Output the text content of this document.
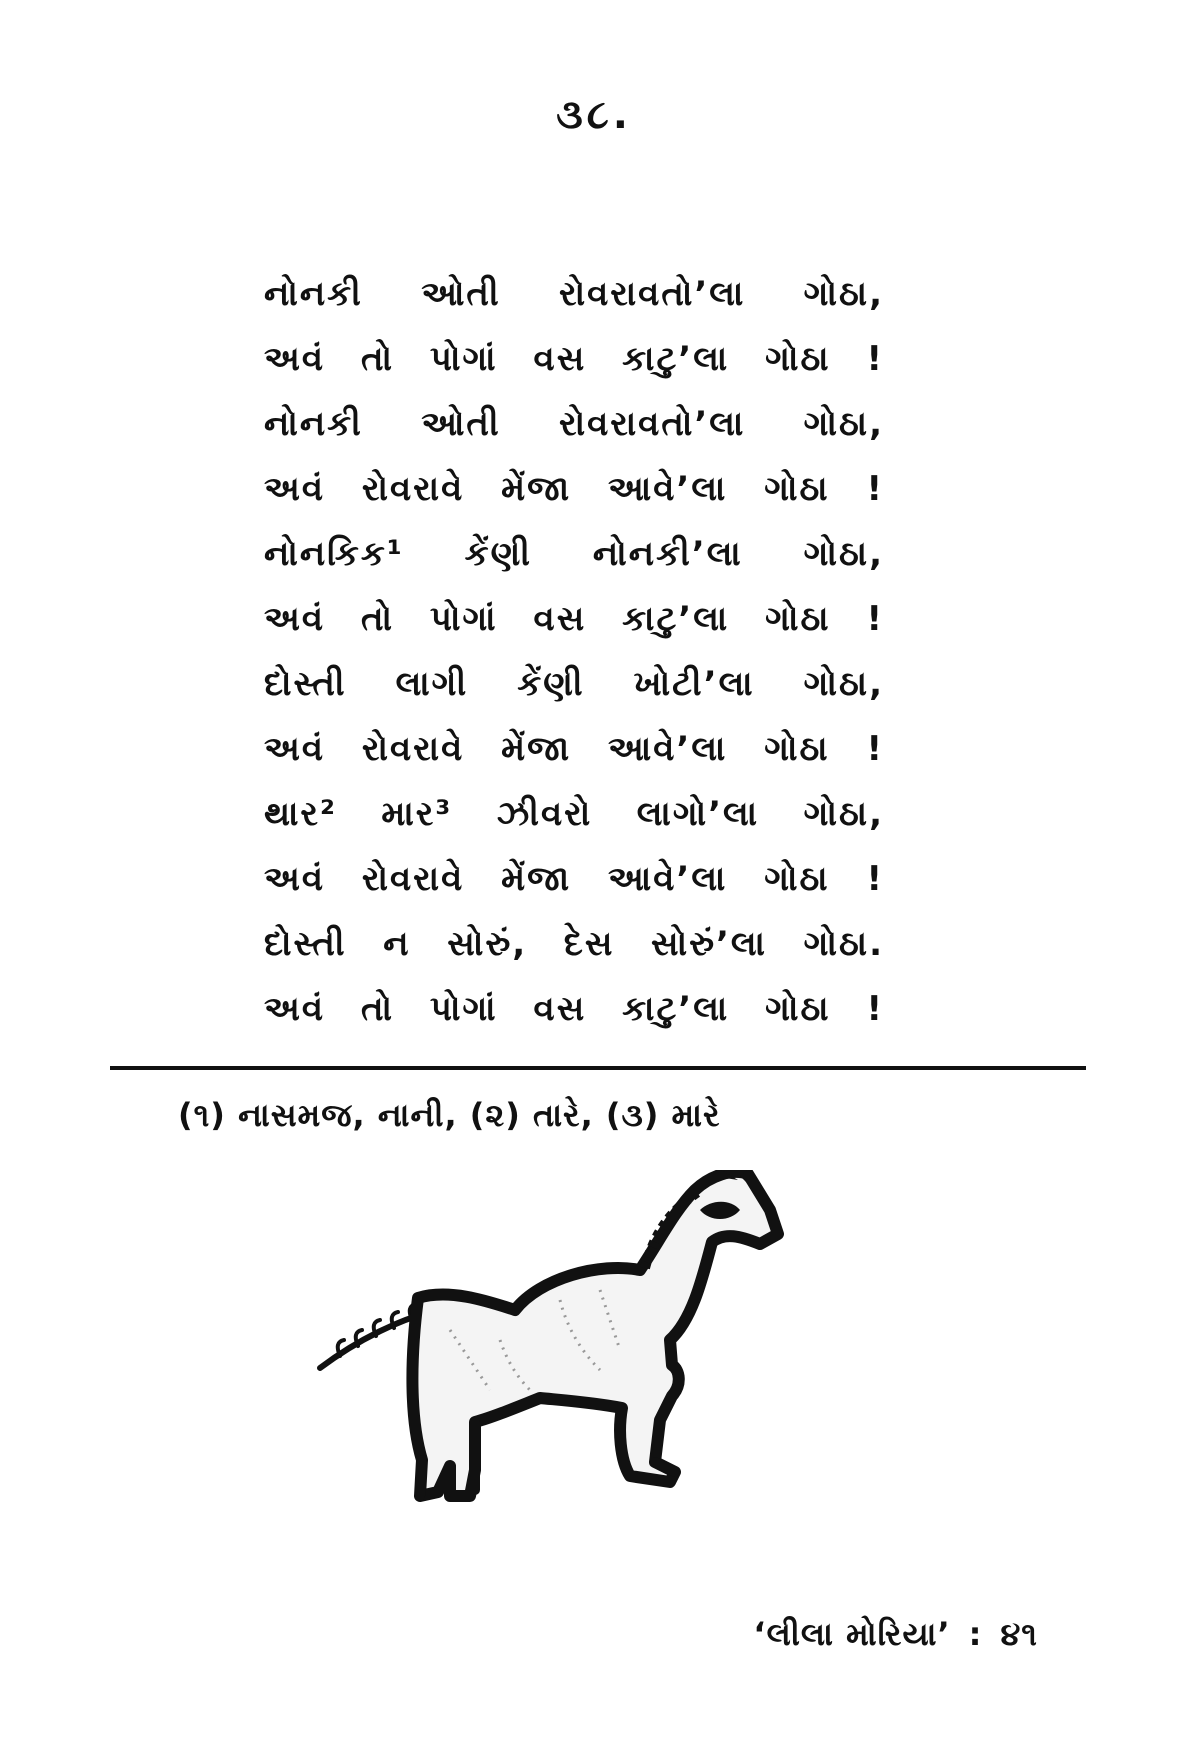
૩૮.
નોનકી ઓતી રોવરાવતો’લા ગોઠા,
અવં તો પોગાં વસ કાટુ’લા ગોઠા !
નોનકી ઓતી રોવરાવતો’લા ગોઠા,
અવં રોવરાવે મેંજા આવે’લા ગોઠા !
નોનકિક¹ કેંણી નોનકી’લા ગોઠા,
અવં તો પોગાં વસ કાટુ’લા ગોઠા !
દોસ્તી લાગી કેંણી ખોટી’લા ગોઠા,
અવં રોવરાવે મેંજા આવે’લા ગોઠા !
થાર² માર³ ઝીવરો લાગો’લા ગોઠા,
અવં રોવરાવે મેંજા આવે’લા ગોઠા !
દોસ્તી ન સોરું, દેસ સોરું’લા ગોઠા.
અવં તો પોગાં વસ કાટુ’લા ગોઠા !
(૧) નાસમજ, નાની, (૨) તારે, (૩) મારે
‘લીલા મોરિયા’ : ૪૧
